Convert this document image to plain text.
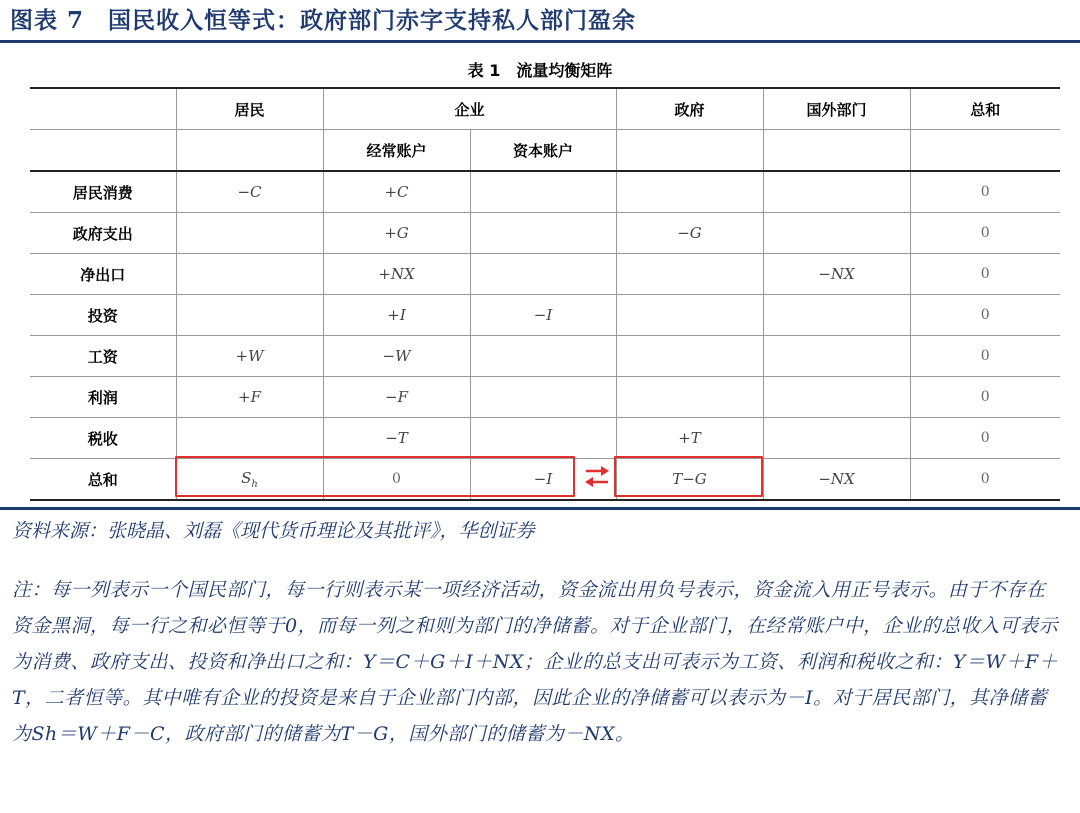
图表 7　国民收入恒等式：政府部门赤字支持私人部门盈余
表 1　流量均衡矩阵
	居民	企业		政府	国外部门	总和
		经常账户	资本账户			
居民消费	−C	+C				0
政府支出		+G		−G		0
净出口		+NX			−NX	0
投资		+I	−I			0
工资	+W	−W				0
利润	+F	−F				0
税收		−T		+T		0
总和	$S_h$	0	−I	T−G	−NX	0
资料来源：张晓晶、刘磊《现代货币理论及其批评》，华创证券
注：每一列表示一个国民部门，每一行则表示某一项经济活动，资金流出用负号表示，资金流入用正号表示。由于不存在资金黑洞，每一行之和必恒等于0，而每一列之和则为部门的净储蓄。对于企业部门，在经常账户中，企业的总收入可表示为消费、政府支出、投资和净出口之和：Y＝C＋G＋I＋NX；企业的总支出可表示为工资、利润和税收之和：Y＝W＋F＋T，二者恒等。其中唯有企业的投资是来自于企业部门内部，因此企业的净储蓄可以表示为－I。对于居民部门，其净储蓄为Sh＝W＋F－C，政府部门的储蓄为T－G，国外部门的储蓄为－NX。
